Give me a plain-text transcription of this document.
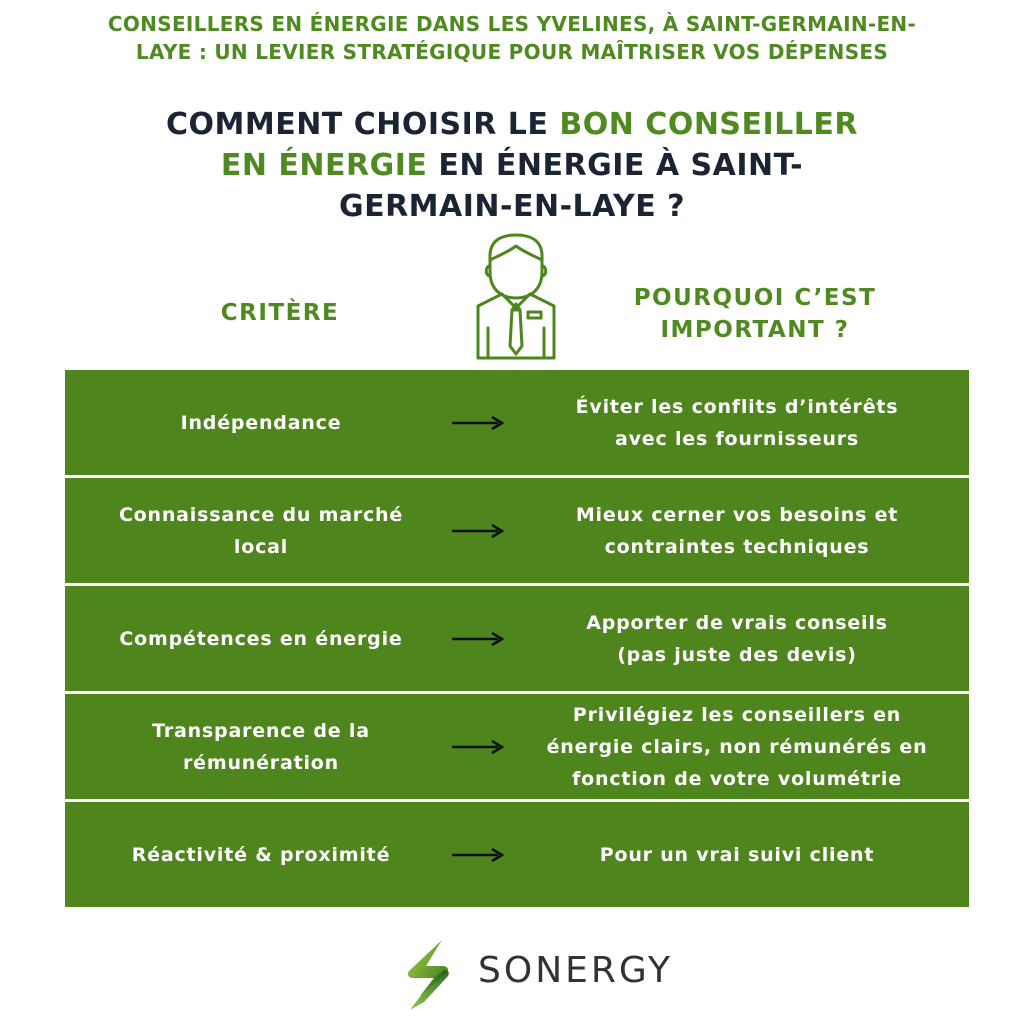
CONSEILLERS EN ÉNERGIE DANS LES YVELINES, À SAINT-GERMAIN-EN-
LAYE : UN LEVIER STRATÉGIQUE POUR MAÎTRISER VOS DÉPENSES
COMMENT CHOISIR LE BON CONSEILLER
EN ÉNERGIE EN ÉNERGIE À SAINT-
GERMAIN-EN-LAYE ?
CRITÈRE
POURQUOI C’EST
IMPORTANT ?
Indépendance
Éviter les conflits d’intérêts
avec les fournisseurs
Connaissance du marché
local
Mieux cerner vos besoins et
contraintes techniques
Compétences en énergie
Apporter de vrais conseils
(pas juste des devis)
Transparence de la
rémunération
Privilégiez les conseillers en
énergie clairs, non rémunérés en
fonction de votre volumétrie
Réactivité & proximité	Pour un vrai suivi client
SONERGY
